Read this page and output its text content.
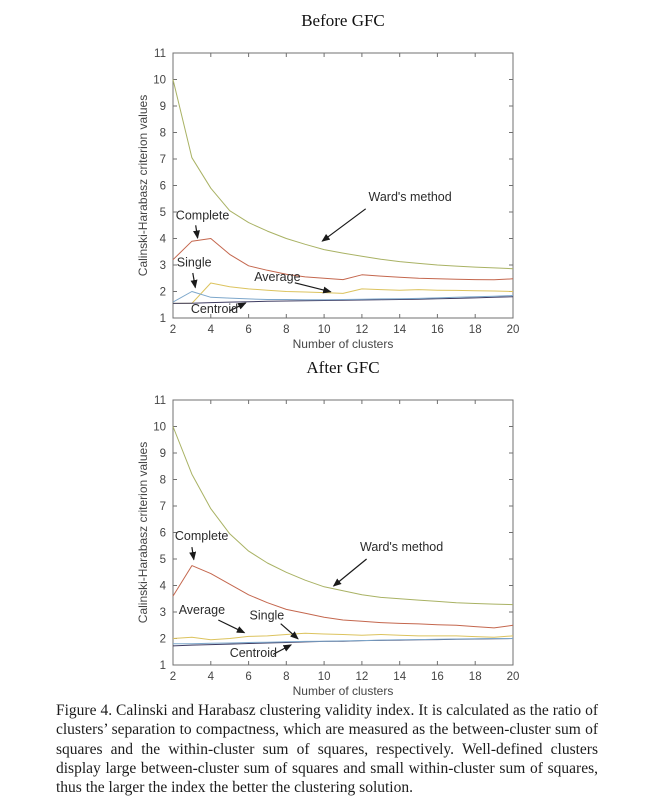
Before GFC
2	4	6	8 10 12 14 16 18 20
1
2
3
4
5
6
7
8
9
10
11
Number of clusters
Calinski-Harabasz criterion values Complete
Single
Average
Centroid
Ward's method
After GFC
2	4	6	8 10 12 14 16 18 20
1
2
3
4
5
6
7
8
9
10
11
Number of clusters
Calinski-Harabasz criterion values Complete
Average Single
Centroid
Ward's method
Figure 4. Calinski and Harabasz clustering validity index. It is calculated as the ratio of clusters’ separation to compactness, which are measured as the between-cluster sum of squares and the within-cluster sum of squares, respectively. Well-defined clusters display large between-cluster sum of squares and small within-cluster sum of squares, thus the larger the index the better the clustering solution.
